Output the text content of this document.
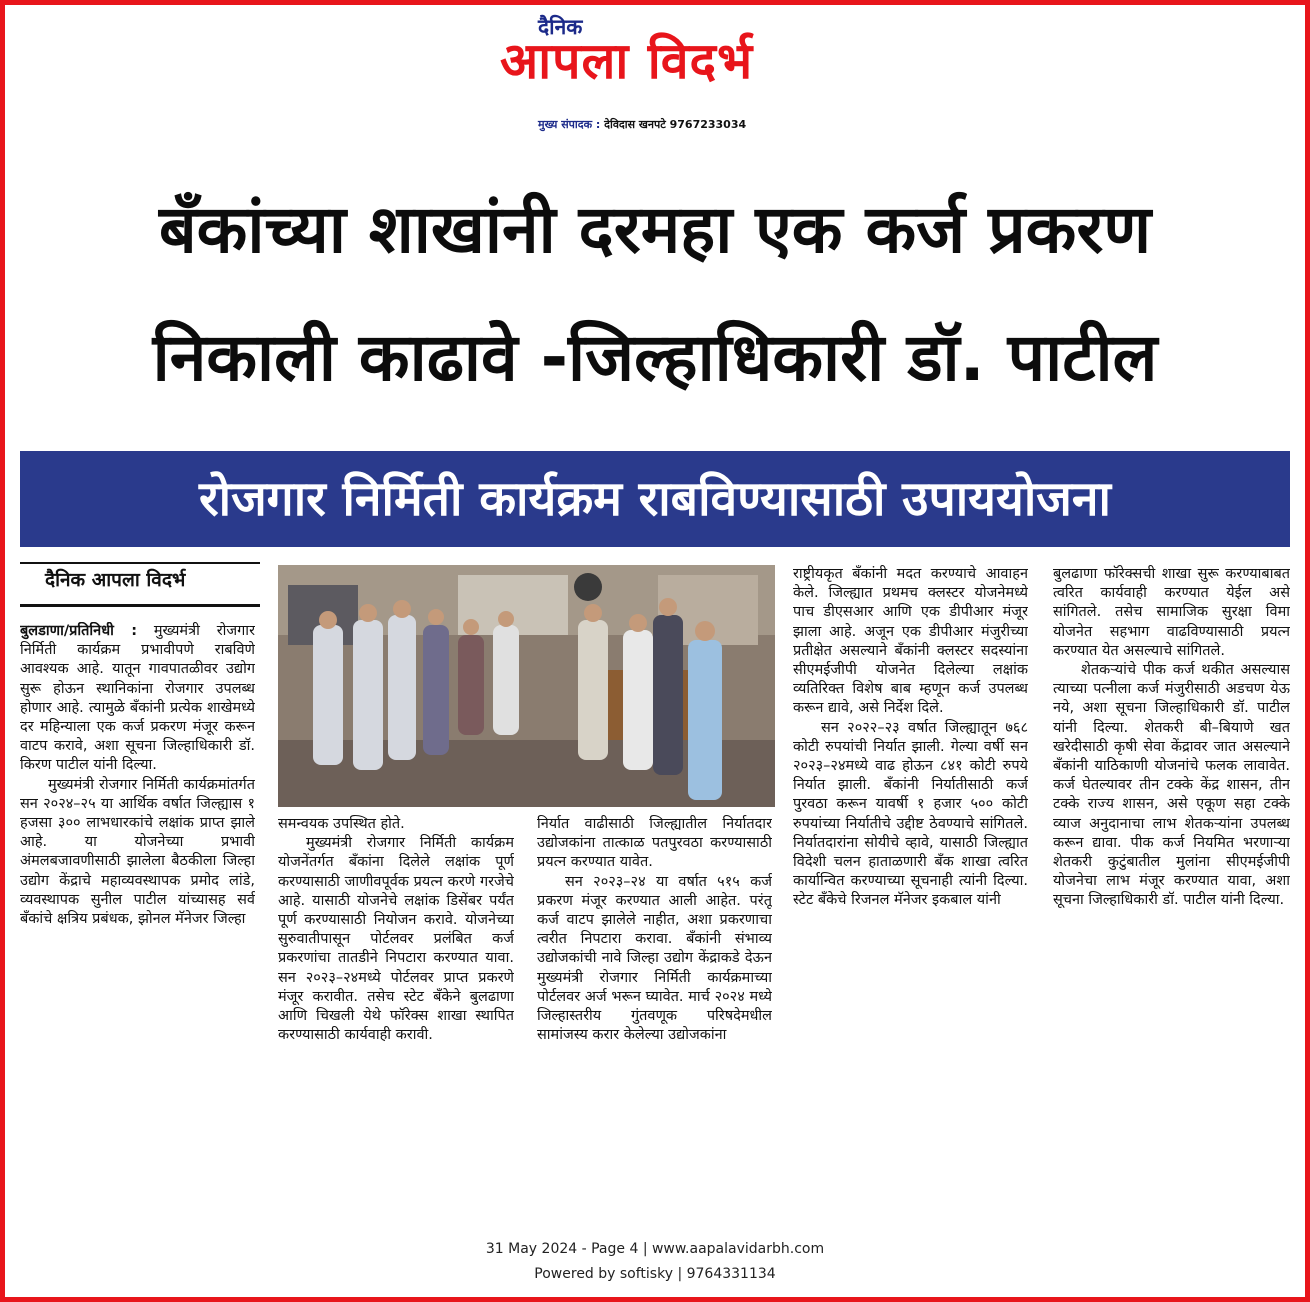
दैनिक
आपला विदर्भ
मुख्य संपादक : देविदास खनपटे 9767233034
बँकांच्या शाखांनी दरमहा एक कर्ज प्रकरण
निकाली काढावे -जिल्हाधिकारी डॉ. पाटील
रोजगार निर्मिती कार्यक्रम राबविण्यासाठी उपाययोजना
दैनिक आपला विदर्भ

बुलडाणा/प्रतिनिधी : मुख्यमंत्री रोजगार निर्मिती कार्यक्रम प्रभावीपणे राबविणे आवश्यक आहे. यातून गावपातळीवर उद्योग सुरू होऊन स्थानिकांना रोजगार उपलब्ध होणार आहे. त्यामुळे बँकांनी प्रत्येक शाखेमध्ये दर महिन्याला एक कर्ज प्रकरण मंजूर करून वाटप करावे, अशा सूचना जिल्हाधिकारी डॉ. किरण पाटील यांनी दिल्या.

मुख्यमंत्री रोजगार निर्मिती कार्यक्रमांतर्गत सन २०२४–२५ या आर्थिक वर्षात जिल्ह्यास १ हजसा ३०० लाभधारकांचे लक्षांक प्राप्त झाले आहे. या योजनेच्या प्रभावी अंमलबजावणीसाठी झालेला बैठकीला जिल्हा उद्योग केंद्राचे महाव्यवस्थापक प्रमोद लांडे, व्यवस्थापक सुनील पाटील यांच्यासह सर्व बँकांचे क्षत्रिय प्रबंधक, झोनल मॅनेजर जिल्हा

समन्वयक उपस्थित होते.

मुख्यमंत्री रोजगार निर्मिती कार्यक्रम योजनेंतर्गत बँकांना दिलेले लक्षांक पूर्ण करण्यासाठी जाणीवपूर्वक प्रयत्न करणे गरजेचे आहे. यासाठी योजनेचे लक्षांक डिसेंबर पर्यंत पूर्ण करण्यासाठी नियोजन करावे. योजनेच्या सुरुवातीपासून पोर्टलवर प्रलंबित कर्ज प्रकरणांचा तातडीने निपटारा करण्यात यावा. सन २०२३–२४मध्ये पोर्टलवर प्राप्त प्रकरणे मंजूर करावीत. तसेच स्टेट बँकेने बुलढाणा आणि चिखली येथे फॉरेक्स शाखा स्थापित करण्यासाठी कार्यवाही करावी.

निर्यात वाढीसाठी जिल्ह्यातील निर्यातदार उद्योजकांना तात्काळ पतपुरवठा करण्यासाठी प्रयत्न करण्यात यावेत.

सन २०२३–२४ या वर्षात ५१५ कर्ज प्रकरण मंजूर करण्यात आली आहेत. परंतू कर्ज वाटप झालेले नाहीत, अशा प्रकरणाचा त्वरीत निपटारा करावा. बँकांनी संभाव्य उद्योजकांची नावे जिल्हा उद्योग केंद्राकडे देऊन मुख्यमंत्री रोजगार निर्मिती कार्यक्रमाच्या पोर्टलवर अर्ज भरून घ्यावेत. मार्च २०२४ मध्ये जिल्हास्तरीय गुंतवणूक परिषदेमधील सामांजस्य करार केलेल्या उद्योजकांना

राष्ट्रीयकृत बँकांनी मदत करण्याचे आवाहन केले. जिल्ह्यात प्रथमच क्लस्टर योजनेमध्ये पाच डीएसआर आणि एक डीपीआर मंजूर झाला आहे. अजून एक डीपीआर मंजुरीच्या प्रतीक्षेत असल्याने बँकांनी क्लस्टर सदस्यांना सीएमईजीपी योजनेत दिलेल्या लक्षांक व्यतिरिक्त विशेष बाब म्हणून कर्ज उपलब्ध करून द्यावे, असे निर्देश दिले.

सन २०२२–२३ वर्षात जिल्ह्यातून ७६८ कोटी रुपयांची निर्यात झाली. गेल्या वर्षी सन २०२३–२४मध्ये वाढ होऊन ८४१ कोटी रुपये निर्यात झाली. बँकांनी निर्यातीसाठी कर्ज पुरवठा करून यावर्षी १ हजार ५०० कोटी रुपयांच्या निर्यातीचे उद्दीष्ट ठेवण्याचे सांगितले. निर्यातदारांना सोयीचे व्हावे, यासाठी जिल्ह्यात विदेशी चलन हाताळणारी बँक शाखा त्वरित कार्यान्वित करण्याच्या सूचनाही त्यांनी दिल्या. स्टेट बँकेचे रिजनल मॅनेजर इकबाल यांनी

बुलढाणा फॉरेक्सची शाखा सुरू करण्याबाबत त्वरित कार्यवाही करण्यात येईल असे सांगितले. तसेच सामाजिक सुरक्षा विमा योजनेत सहभाग वाढविण्यासाठी प्रयत्न करण्यात येत असल्याचे सांगितले.

शेतकऱ्यांचे पीक कर्ज थकीत असल्यास त्याच्या पत्नीला कर्ज मंजुरीसाठी अडचण येऊ नये, अशा सूचना जिल्हाधिकारी डॉ. पाटील यांनी दिल्या. शेतकरी बी–बियाणे खत खरेदीसाठी कृषी सेवा केंद्रावर जात असल्याने बँकांनी याठिकाणी योजनांचे फलक लावावेत. कर्ज घेतल्यावर तीन टक्के केंद्र शासन, तीन टक्के राज्य शासन, असे एकूण सहा टक्के व्याज अनुदानाचा लाभ शेतकऱ्यांना उपलब्ध करून द्यावा. पीक कर्ज नियमित भरणाऱ्या शेतकरी कुटुंबातील मुलांना सीएमईजीपी योजनेचा लाभ मंजूर करण्यात यावा, अशा सूचना जिल्हाधिकारी डॉ. पाटील यांनी दिल्या.

31 May 2024 - Page 4 | www.aapalavidarbh.com
Powered by softisky | 9764331134
